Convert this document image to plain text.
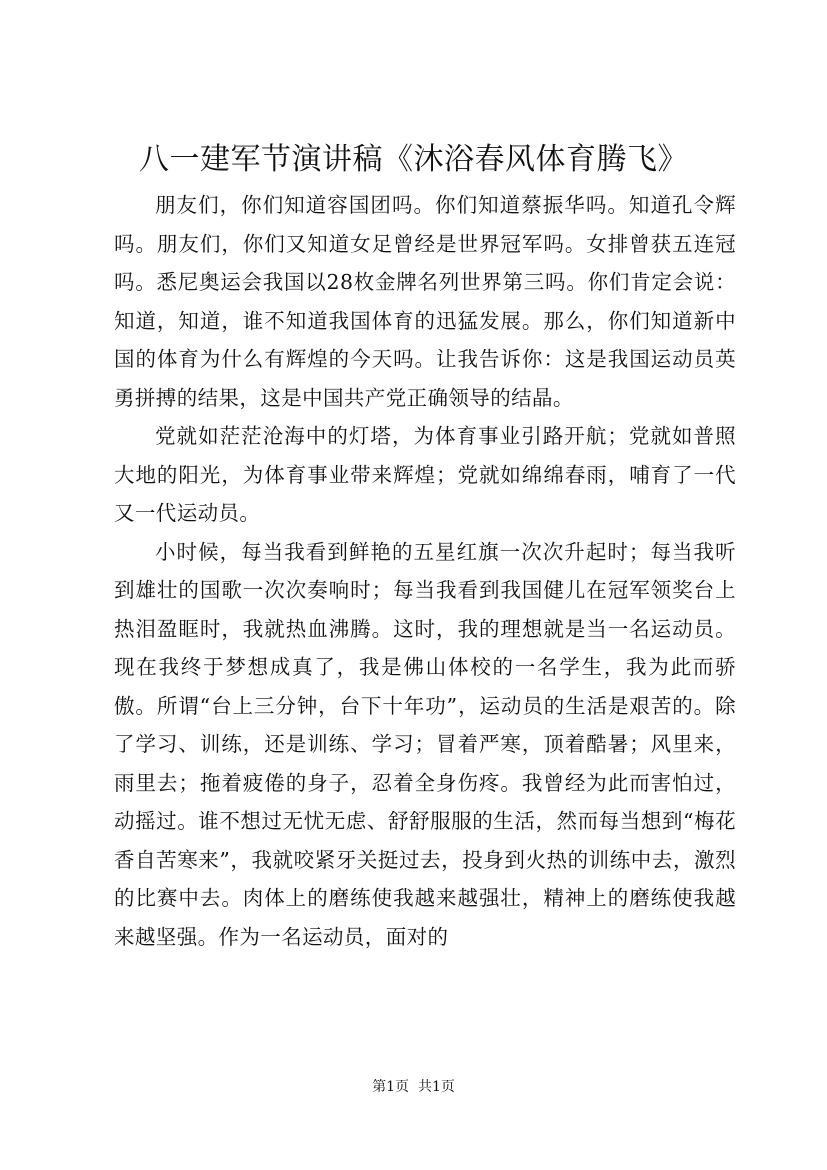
八一建军节演讲稿《沐浴春风体育腾飞》

朋友们，你们知道容国团吗。你们知道蔡振华吗。知道孔令辉吗。朋友们，你们又知道女足曾经是世界冠军吗。女排曾获五连冠吗。悉尼奥运会我国以28枚金牌名列世界第三吗。你们肯定会说：知道，知道，谁不知道我国体育的迅猛发展。那么，你们知道新中国的体育为什么有辉煌的今天吗。让我告诉你：这是我国运动员英勇拼搏的结果，这是中国共产党正确领导的结晶。

党就如茫茫沧海中的灯塔，为体育事业引路开航；党就如普照大地的阳光，为体育事业带来辉煌；党就如绵绵春雨，哺育了一代又一代运动员。

小时候，每当我看到鲜艳的五星红旗一次次升起时；每当我听到雄壮的国歌一次次奏响时；每当我看到我国健儿在冠军领奖台上热泪盈眶时，我就热血沸腾。这时，我的理想就是当一名运动员。现在我终于梦想成真了，我是佛山体校的一名学生，我为此而骄傲。所谓“台上三分钟，台下十年功”，运动员的生活是艰苦的。除了学习、训练，还是训练、学习；冒着严寒，顶着酷暑；风里来，雨里去；拖着疲倦的身子，忍着全身伤疼。我曾经为此而害怕过，动摇过。谁不想过无忧无虑、舒舒服服的生活，然而每当想到“梅花香自苦寒来”，我就咬紧牙关挺过去，投身到火热的训练中去，激烈的比赛中去。肉体上的磨练使我越来越强壮，精神上的磨练使我越来越坚强。作为一名运动员，面对的

第1页 共1页
